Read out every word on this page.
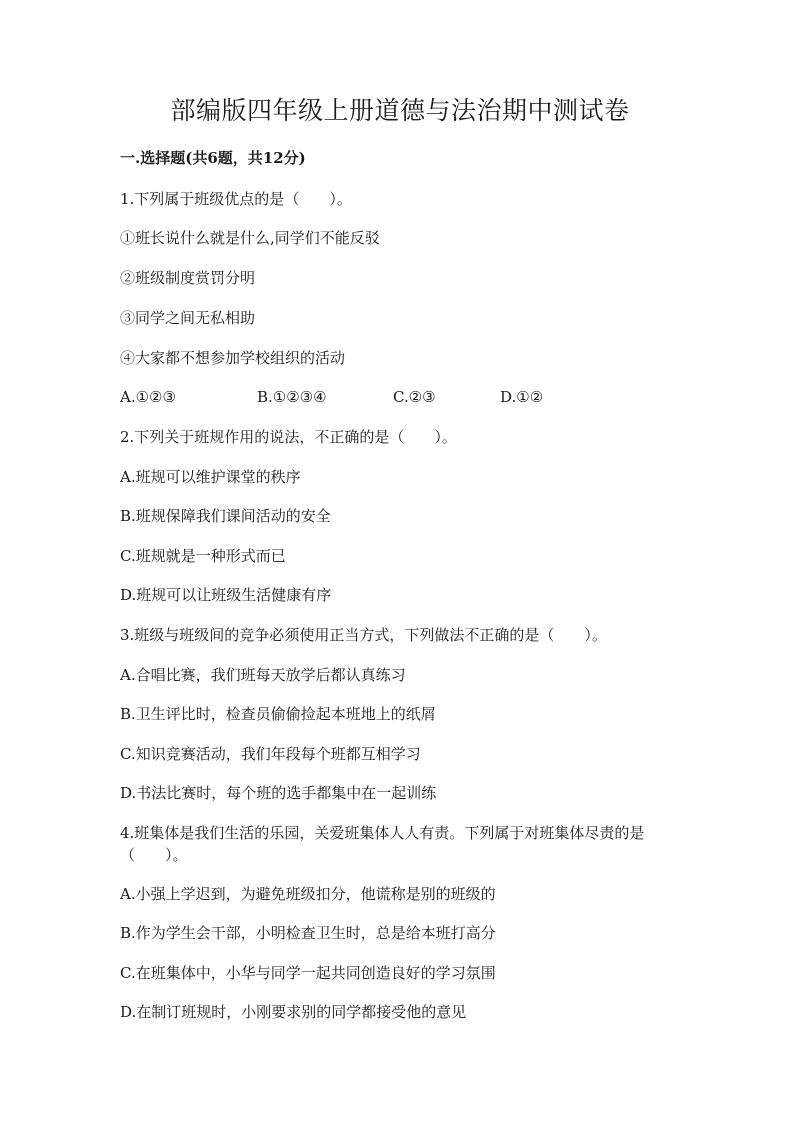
部编版四年级上册道德与法治期中测试卷

一.选择题(共6题，共12分)

1.下列属于班级优点的是（　　）。

①班长说什么就是什么,同学们不能反驳

②班级制度赏罚分明

③同学之间无私相助

④大家都不想参加学校组织的活动

A.①②③	B.①②③④	C.②③	D.①②

2.下列关于班规作用的说法，不正确的是（　　）。

A.班规可以维护课堂的秩序

B.班规保障我们课间活动的安全

C.班规就是一种形式而已

D.班规可以让班级生活健康有序

3.班级与班级间的竞争必须使用正当方式，下列做法不正确的是（　　）。

A.合唱比赛，我们班每天放学后都认真练习

B.卫生评比时，检查员偷偷捡起本班地上的纸屑

C.知识竞赛活动，我们年段每个班都互相学习

D.书法比赛时，每个班的选手都集中在一起训练

4.班集体是我们生活的乐园，关爱班集体人人有责。下列属于对班集体尽责的是（　　）。

A.小强上学迟到，为避免班级扣分，他谎称是别的班级的

B.作为学生会干部，小明检查卫生时，总是给本班打高分

C.在班集体中，小华与同学一起共同创造良好的学习氛围

D.在制订班规时，小刚要求别的同学都接受他的意见
